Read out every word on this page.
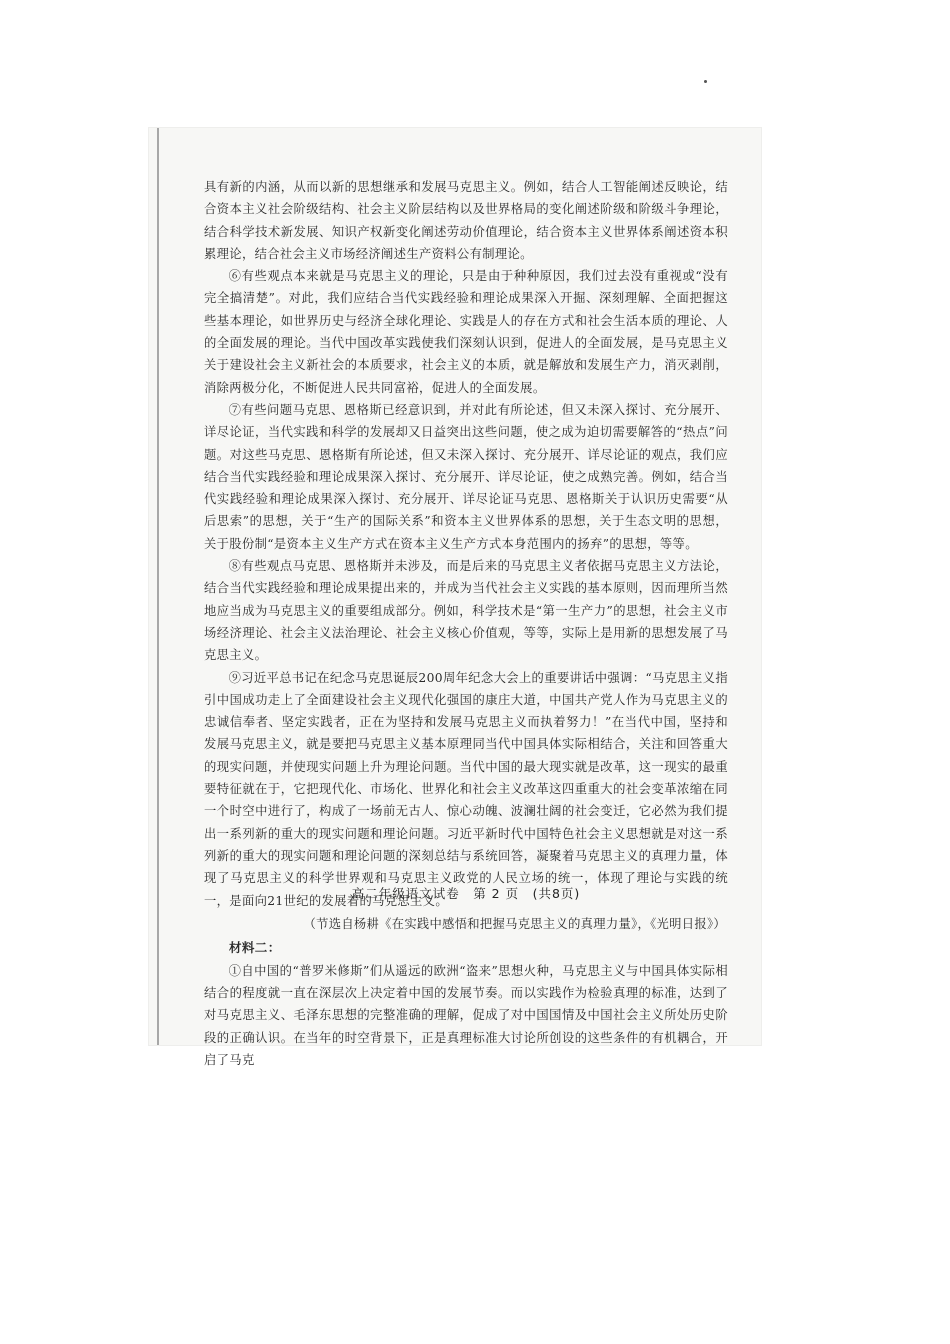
具有新的内涵，从而以新的思想继承和发展马克思主义。例如，结合人工智能阐述反映论，结合资本主义社会阶级结构、社会主义阶层结构以及世界格局的变化阐述阶级和阶级斗争理论，结合科学技术新发展、知识产权新变化阐述劳动价值理论，结合资本主义世界体系阐述资本积累理论，结合社会主义市场经济阐述生产资料公有制理论。

⑥有些观点本来就是马克思主义的理论，只是由于种种原因，我们过去没有重视或“没有完全搞清楚”。对此，我们应结合当代实践经验和理论成果深入开掘、深刻理解、全面把握这些基本理论，如世界历史与经济全球化理论、实践是人的存在方式和社会生活本质的理论、人的全面发展的理论。当代中国改革实践使我们深刻认识到，促进人的全面发展，是马克思主义关于建设社会主义新社会的本质要求，社会主义的本质，就是解放和发展生产力，消灭剥削，消除两极分化，不断促进人民共同富裕，促进人的全面发展。

⑦有些问题马克思、恩格斯已经意识到，并对此有所论述，但又未深入探讨、充分展开、详尽论证，当代实践和科学的发展却又日益突出这些问题，使之成为迫切需要解答的“热点”问题。对这些马克思、恩格斯有所论述，但又未深入探讨、充分展开、详尽论证的观点，我们应结合当代实践经验和理论成果深入探讨、充分展开、详尽论证，使之成熟完善。例如，结合当代实践经验和理论成果深入探讨、充分展开、详尽论证马克思、恩格斯关于认识历史需要“从后思索”的思想，关于“生产的国际关系”和资本主义世界体系的思想，关于生态文明的思想，关于股份制“是资本主义生产方式在资本主义生产方式本身范围内的扬弃”的思想，等等。

⑧有些观点马克思、恩格斯并未涉及，而是后来的马克思主义者依据马克思主义方法论，结合当代实践经验和理论成果提出来的，并成为当代社会主义实践的基本原则，因而理所当然地应当成为马克思主义的重要组成部分。例如，科学技术是“第一生产力”的思想，社会主义市场经济理论、社会主义法治理论、社会主义核心价值观，等等，实际上是用新的思想发展了马克思主义。

⑨习近平总书记在纪念马克思诞辰200周年纪念大会上的重要讲话中强调：“马克思主义指引中国成功走上了全面建设社会主义现代化强国的康庄大道，中国共产党人作为马克思主义的忠诚信奉者、坚定实践者，正在为坚持和发展马克思主义而执着努力！”在当代中国，坚持和发展马克思主义，就是要把马克思主义基本原理同当代中国具体实际相结合，关注和回答重大的现实问题，并使现实问题上升为理论问题。当代中国的最大现实就是改革，这一现实的最重要特征就在于，它把现代化、市场化、世界化和社会主义改革这四重重大的社会变革浓缩在同一个时空中进行了，构成了一场前无古人、惊心动魄、波澜壮阔的社会变迁，它必然为我们提出一系列新的重大的现实问题和理论问题。习近平新时代中国特色社会主义思想就是对这一系列新的重大的现实问题和理论问题的深刻总结与系统回答，凝聚着马克思主义的真理力量，体现了马克思主义的科学世界观和马克思主义政党的人民立场的统一，体现了理论与实践的统一，是面向21世纪的发展着的马克思主义。

（节选自杨耕《在实践中感悟和把握马克思主义的真理力量》，《光明日报》）

材料二：

①自中国的“普罗米修斯”们从遥远的欧洲“盗来”思想火种，马克思主义与中国具体实际相结合的程度就一直在深层次上决定着中国的发展节奏。而以实践作为检验真理的标准，达到了对马克思主义、毛泽东思想的完整准确的理解，促成了对中国国情及中国社会主义所处历史阶段的正确认识。在当年的时空背景下，正是真理标准大讨论所创设的这些条件的有机耦合，开启了马克

高二年级语文试卷　第 2 页　(共8页)
